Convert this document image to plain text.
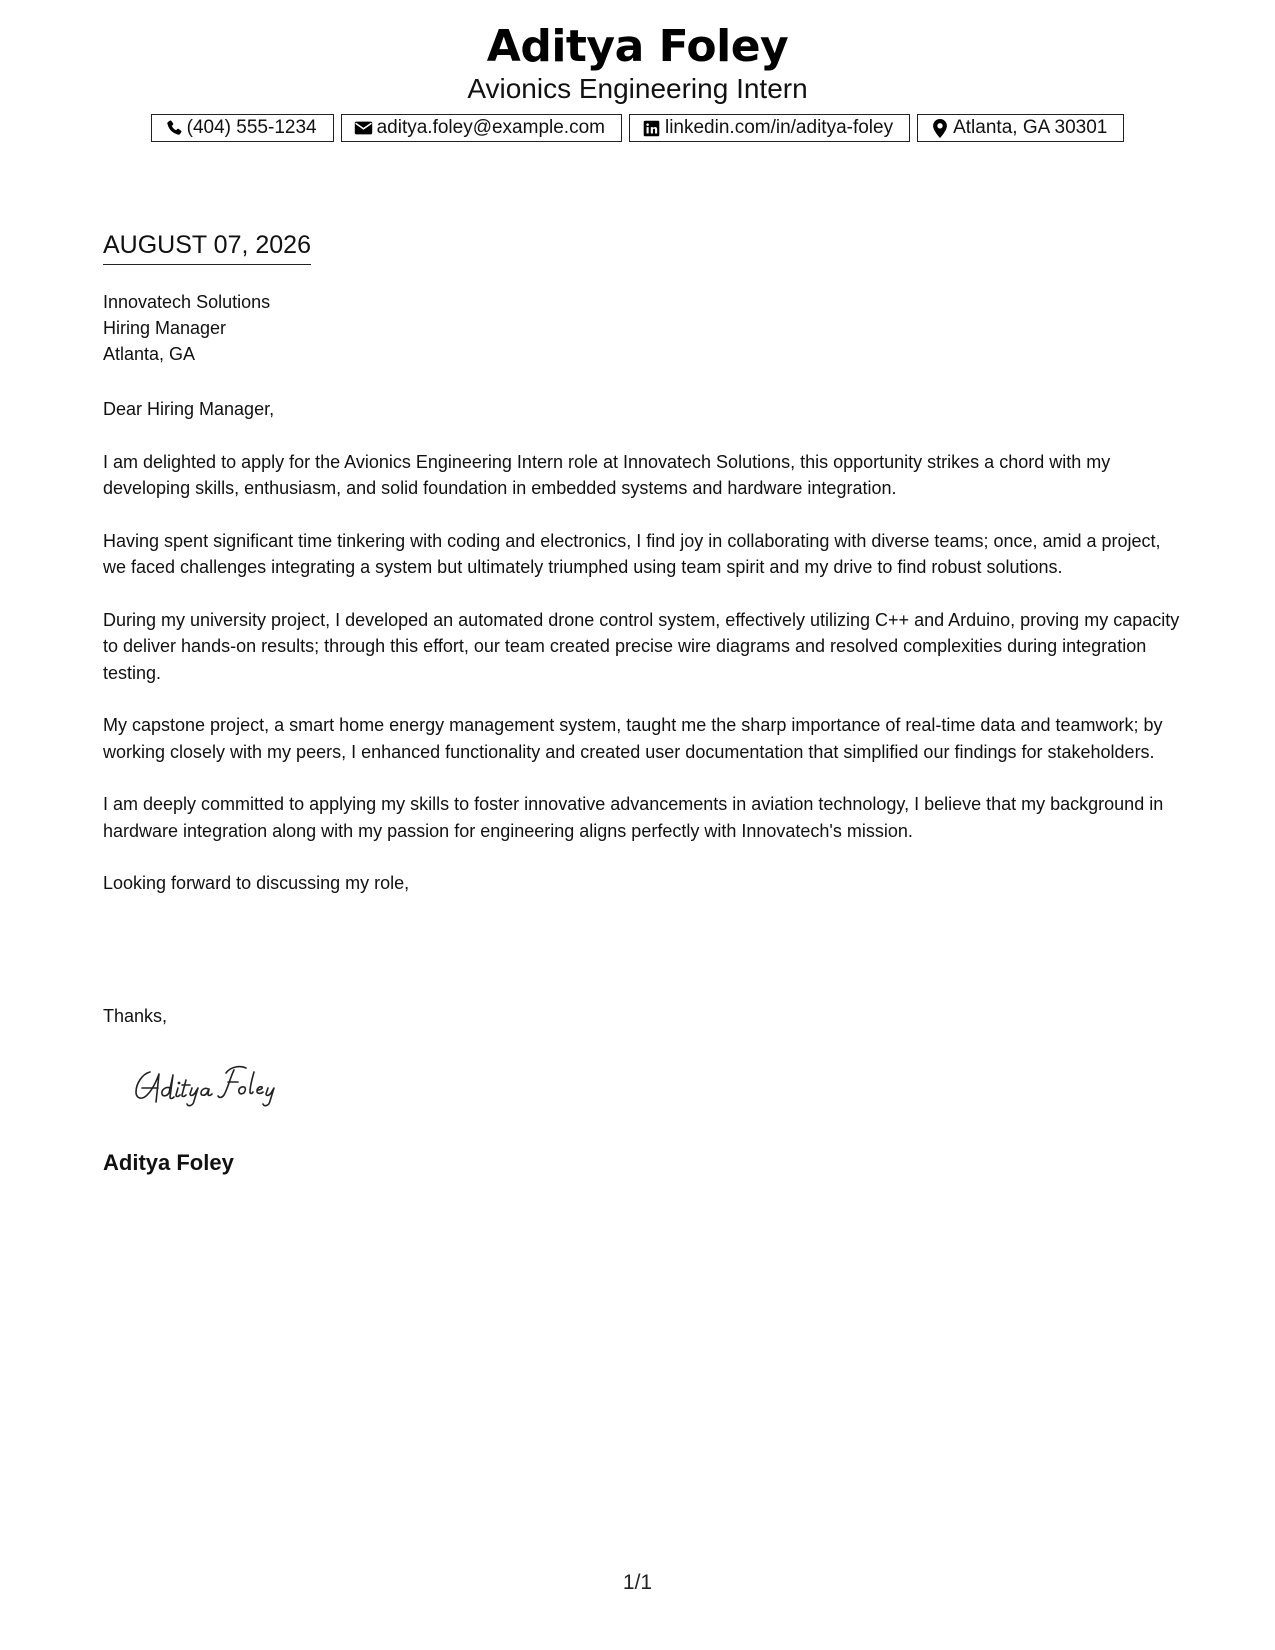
Aditya Foley
Avionics Engineering Intern
(404) 555-1234	aditya.foley@example.com	linkedin.com/in/aditya-foley	Atlanta, GA 30301
AUGUST 07, 2026
Innovatech Solutions
Hiring Manager
Atlanta, GA

Dear Hiring Manager,

I am delighted to apply for the Avionics Engineering Intern role at Innovatech Solutions, this opportunity strikes a chord with my developing skills, enthusiasm, and solid foundation in embedded systems and hardware integration.

Having spent significant time tinkering with coding and electronics, I find joy in collaborating with diverse teams; once, amid a project, we faced challenges integrating a system but ultimately triumphed using team spirit and my drive to find robust solutions.

During my university project, I developed an automated drone control system, effectively utilizing C++ and Arduino, proving my capacity to deliver hands-on results; through this effort, our team created precise wire diagrams and resolved complexities during integration testing.

My capstone project, a smart home energy management system, taught me the sharp importance of real-time data and teamwork; by working closely with my peers, I enhanced functionality and created user documentation that simplified our findings for stakeholders.

I am deeply committed to applying my skills to foster innovative advancements in aviation technology, I believe that my background in hardware integration along with my passion for engineering aligns perfectly with Innovatech's mission.

Looking forward to discussing my role,

Thanks,
Aditya Foley
1/1
